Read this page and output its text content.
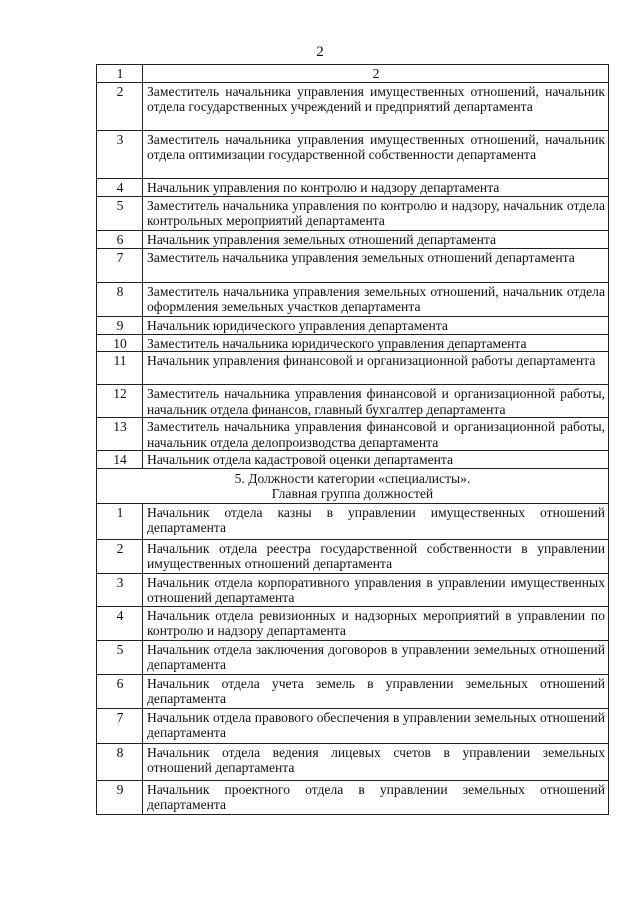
2
1	2
2	Заместитель начальника управления имущественных отношений, начальник отдела государственных учреждений и предприятий департамента
3	Заместитель начальника управления имущественных отношений, начальник отдела оптимизации государственной собственности департамента
4	Начальник управления по контролю и надзору департамента
5	Заместитель начальника управления по контролю и надзору, начальник отдела контрольных мероприятий департамента
6	Начальник управления земельных отношений департамента
7	Заместитель начальника управления земельных отношений департамента
8	Заместитель начальника управления земельных отношений, начальник отдела оформления земельных участков департамента
9	Начальник юридического управления департамента
10	Заместитель начальника юридического управления департамента
11	Начальник управления финансовой и организационной работы департамента
12	Заместитель начальника управления финансовой и организационной работы, начальник отдела финансов, главный бухгалтер департамента
13	Заместитель начальника управления финансовой и организационной работы, начальник отдела делопроизводства департамента
14	Начальник отдела кадастровой оценки департамента

5. Должности категории «специалисты».
Главная группа должностей	

1	Начальник отдела казны в управлении имущественных отношений департамента
2	Начальник отдела реестра государственной собственности в управлении имущественных отношений департамента
3	Начальник отдела корпоративного управления в управлении имущественных отношений департамента
4	Начальник отдела ревизионных и надзорных мероприятий в управлении по контролю и надзору департамента
5	Начальник отдела заключения договоров в управлении земельных отношений департамента
6	Начальник отдела учета земель в управлении земельных отношений департамента
7	Начальник отдела правового обеспечения в управлении земельных отношений департамента
8	Начальник отдела ведения лицевых счетов в управлении земельных отношений департамента
9	Начальник проектного отдела в управлении земельных отношений департамента
